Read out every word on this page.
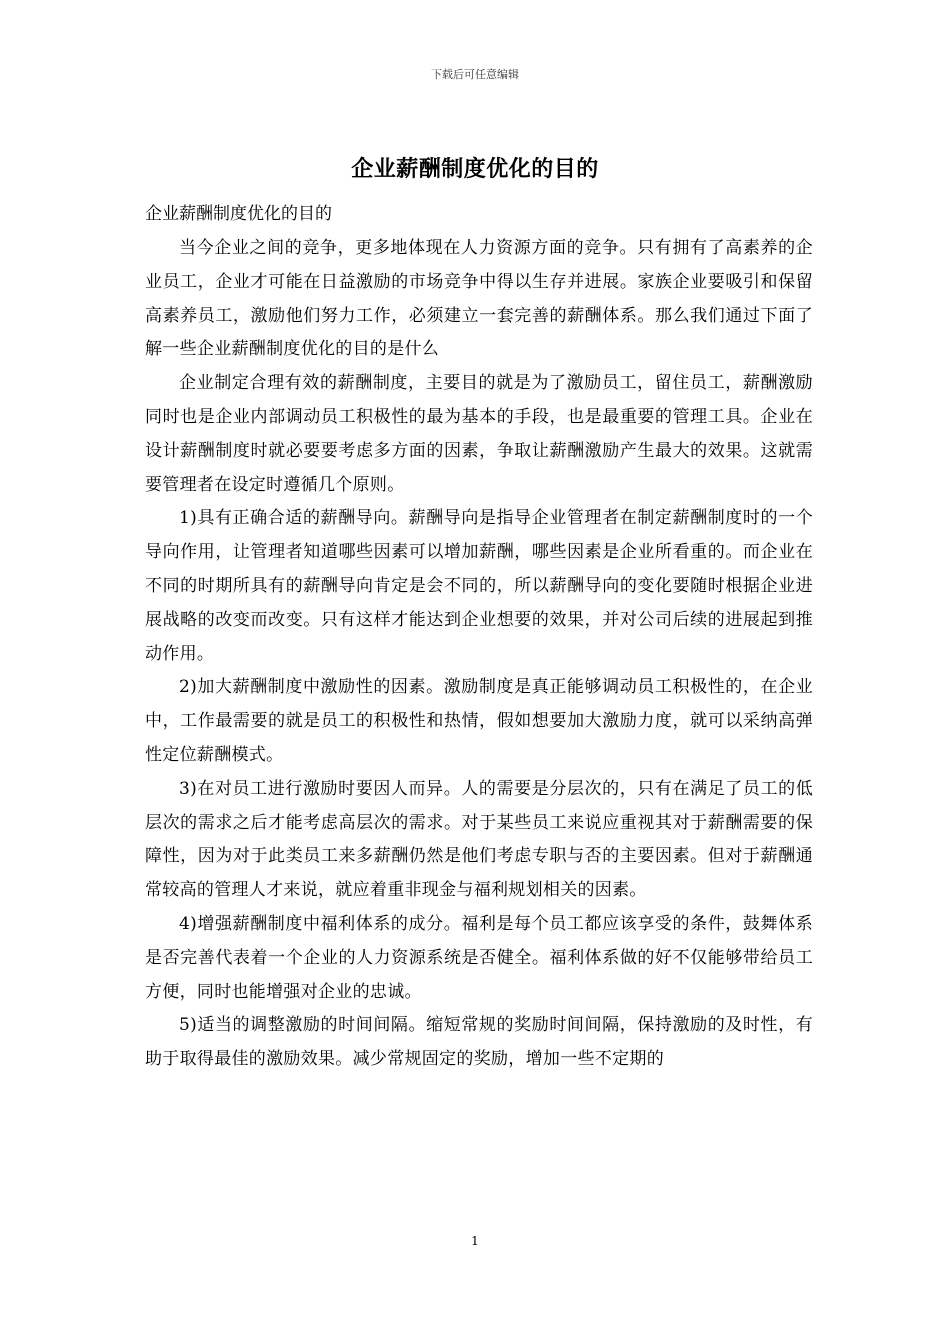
下载后可任意编辑
企业薪酬制度优化的目的

企业薪酬制度优化的目的

当今企业之间的竞争，更多地体现在人力资源方面的竞争。只有拥有了高素养的企业员工，企业才可能在日益激励的市场竞争中得以生存并进展。家族企业要吸引和保留高素养员工，激励他们努力工作，必须建立一套完善的薪酬体系。那么我们通过下面了解一些企业薪酬制度优化的目的是什么

企业制定合理有效的薪酬制度，主要目的就是为了激励员工，留住员工，薪酬激励同时也是企业内部调动员工积极性的最为基本的手段，也是最重要的管理工具。企业在设计薪酬制度时就必要要考虑多方面的因素，争取让薪酬激励产生最大的效果。这就需要管理者在设定时遵循几个原则。

1)具有正确合适的薪酬导向。薪酬导向是指导企业管理者在制定薪酬制度时的一个导向作用，让管理者知道哪些因素可以增加薪酬，哪些因素是企业所看重的。而企业在不同的时期所具有的薪酬导向肯定是会不同的，所以薪酬导向的变化要随时根据企业进展战略的改变而改变。只有这样才能达到企业想要的效果，并对公司后续的进展起到推动作用。

2)加大薪酬制度中激励性的因素。激励制度是真正能够调动员工积极性的，在企业中，工作最需要的就是员工的积极性和热情，假如想要加大激励力度，就可以采纳高弹性定位薪酬模式。

3)在对员工进行激励时要因人而异。人的需要是分层次的，只有在满足了员工的低层次的需求之后才能考虑高层次的需求。对于某些员工来说应重视其对于薪酬需要的保障性，因为对于此类员工来多薪酬仍然是他们考虑专职与否的主要因素。但对于薪酬通常较高的管理人才来说，就应着重非现金与福利规划相关的因素。

4)增强薪酬制度中福利体系的成分。福利是每个员工都应该享受的条件，鼓舞体系是否完善代表着一个企业的人力资源系统是否健全。福利体系做的好不仅能够带给员工方便，同时也能增强对企业的忠诚。

5)适当的调整激励的时间间隔。缩短常规的奖励时间间隔，保持激励的及时性，有助于取得最佳的激励效果。减少常规固定的奖励，增加一些不定期的

1
